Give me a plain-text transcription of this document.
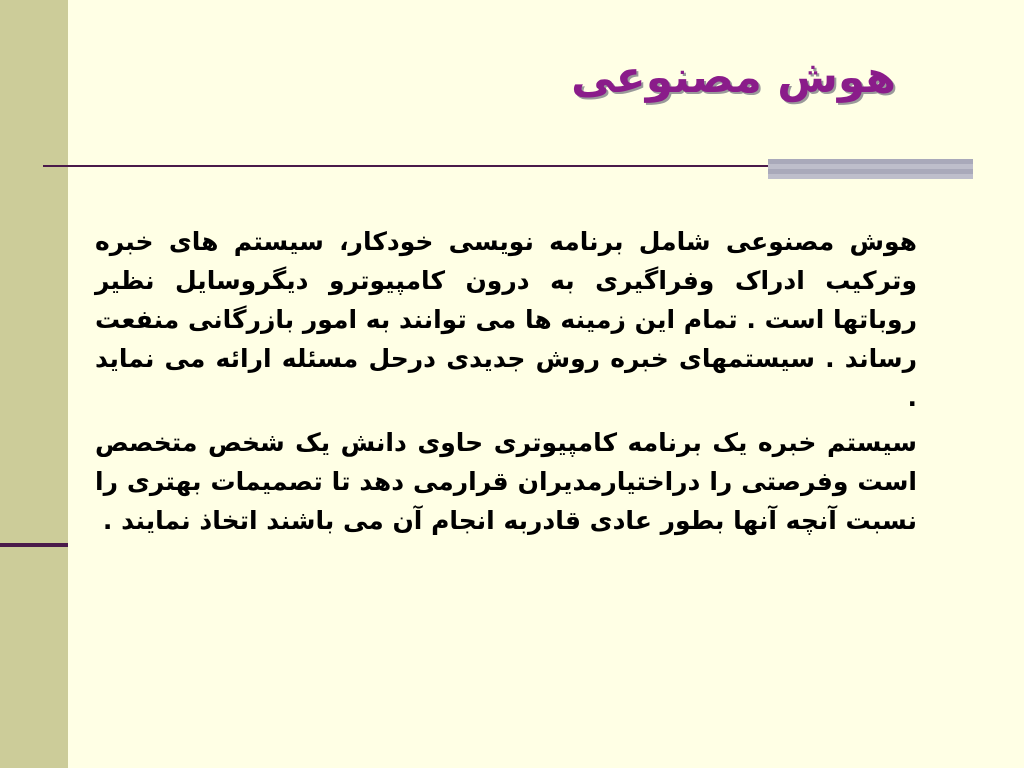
هوش مصنوعی

هوش مصنوعی شامل برنامه نویسی خودکار، سیستم های خبره وترکیب ادراک وفراگیری به درون کامپیوترو دیگروسایل نظیر روباتها است . تمام این زمینه ها می توانند به امور بازرگانی منفعت رساند . سیستمهای خبره روش جدیدی درحل مسئله ارائه می نماید .

سیستم خبره یک برنامه کامپیوتری حاوی دانش یک شخص متخصص است وفرصتی را دراختیارمدیران قرارمی دهد تا تصمیمات بهتری را نسبت آنچه آنها بطور عادی قادربه انجام آن می باشند اتخاذ نمایند .
